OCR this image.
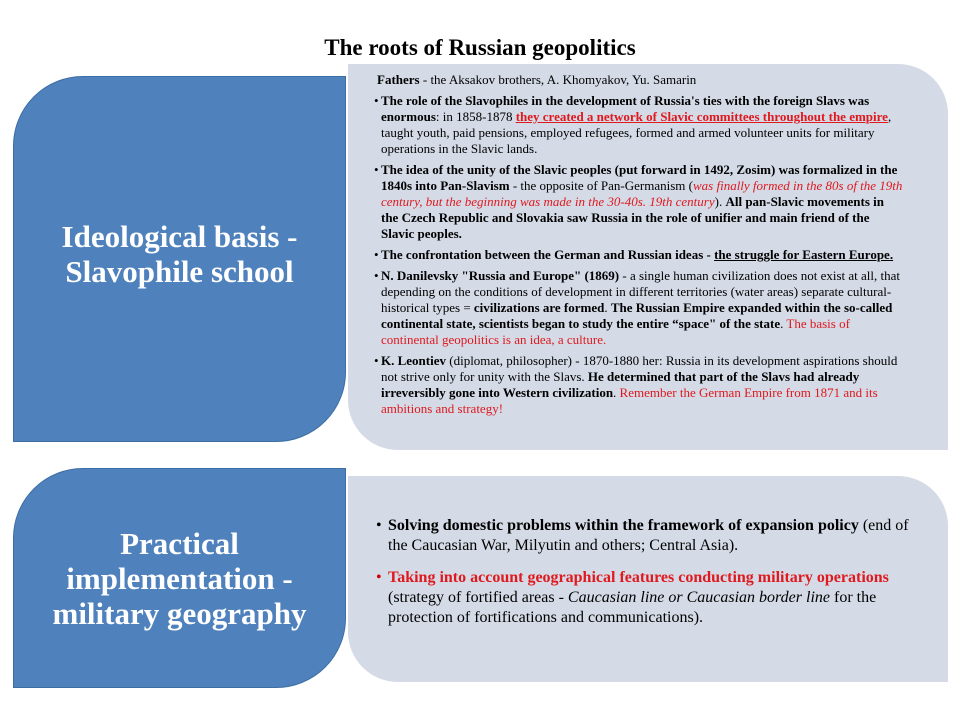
The roots of Russian geopolitics
Ideological basis - Slavophile school
Fathers - the Aksakov brothers, A. Khomyakov, Yu. Samarin
• The role of the Slavophiles in the development of Russia's ties with the foreign Slavs was enormous: in 1858-1878 they created a network of Slavic committees throughout the empire, taught youth, paid pensions, employed refugees, formed and armed volunteer units for military operations in the Slavic lands.
• The idea of the unity of the Slavic peoples (put forward in 1492, Zosim) was formalized in the 1840s into Pan-Slavism - the opposite of Pan-Germanism (was finally formed in the 80s of the 19th century, but the beginning was made in the 30-40s. 19th century). All pan-Slavic movements in the Czech Republic and Slovakia saw Russia in the role of unifier and main friend of the Slavic peoples.
• The confrontation between the German and Russian ideas - the struggle for Eastern Europe.
• N. Danilevsky "Russia and Europe" (1869) - a single human civilization does not exist at all, that depending on the conditions of development in different territories (water areas) separate cultural-historical types = civilizations are formed. The Russian Empire expanded within the so-called continental state, scientists began to study the entire “space" of the state. The basis of continental geopolitics is an idea, a culture.
• K. Leontiev (diplomat, philosopher) - 1870-1880 her: Russia in its development aspirations should not strive only for unity with the Slavs. He determined that part of the Slavs had already irreversibly gone into Western civilization. Remember the German Empire from 1871 and its ambitions and strategy!
Practical implementation - military geography
• Solving domestic problems within the framework of expansion policy (end of the Caucasian War, Milyutin and others; Central Asia).
• Taking into account geographical features conducting military operations (strategy of fortified areas - Caucasian line or Caucasian border line for the protection of fortifications and communications).
